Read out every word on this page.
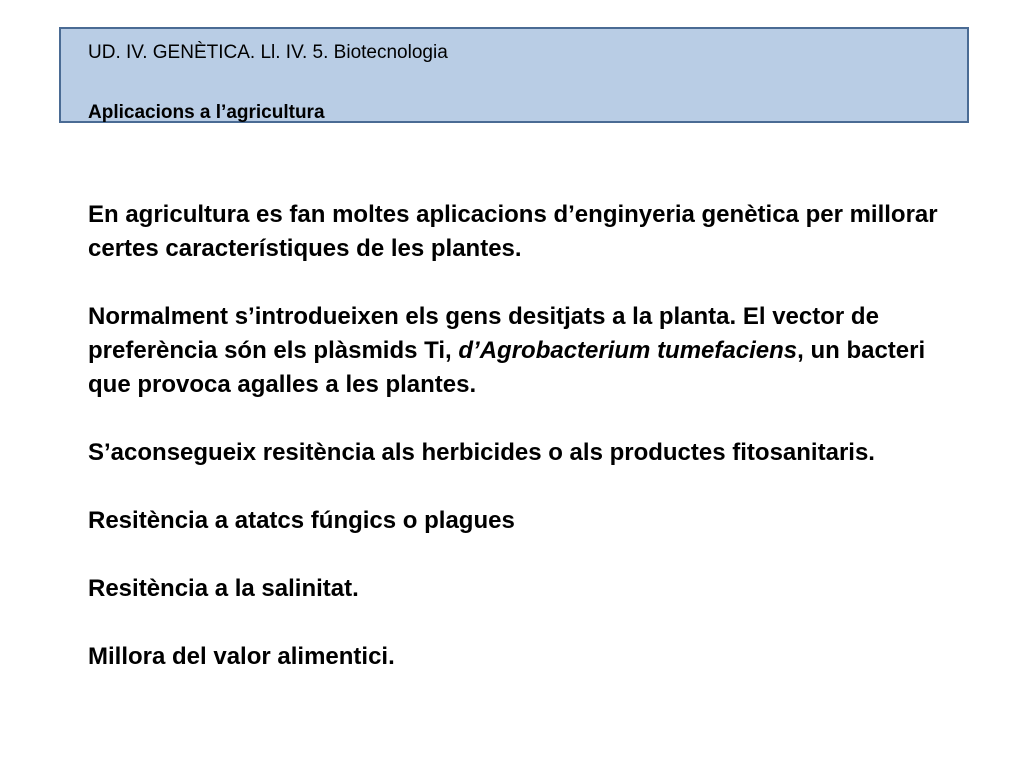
UD. IV. GENÈTICA. Ll. IV. 5. Biotecnologia
Aplicacions a l’agricultura

En agricultura es fan moltes aplicacions d’enginyeria genètica per millorar certes característiques de les plantes.

Normalment s’introdueixen els gens desitjats a la planta. El vector de preferència són els plàsmids Ti, d’Agrobacterium tumefaciens, un bacteri que provoca agalles a les plantes.

S’aconsegueix resitència als herbicides o als productes fitosanitaris.

Resitència a atatcs fúngics o plagues

Resitència a la salinitat.

Millora del valor alimentici.
